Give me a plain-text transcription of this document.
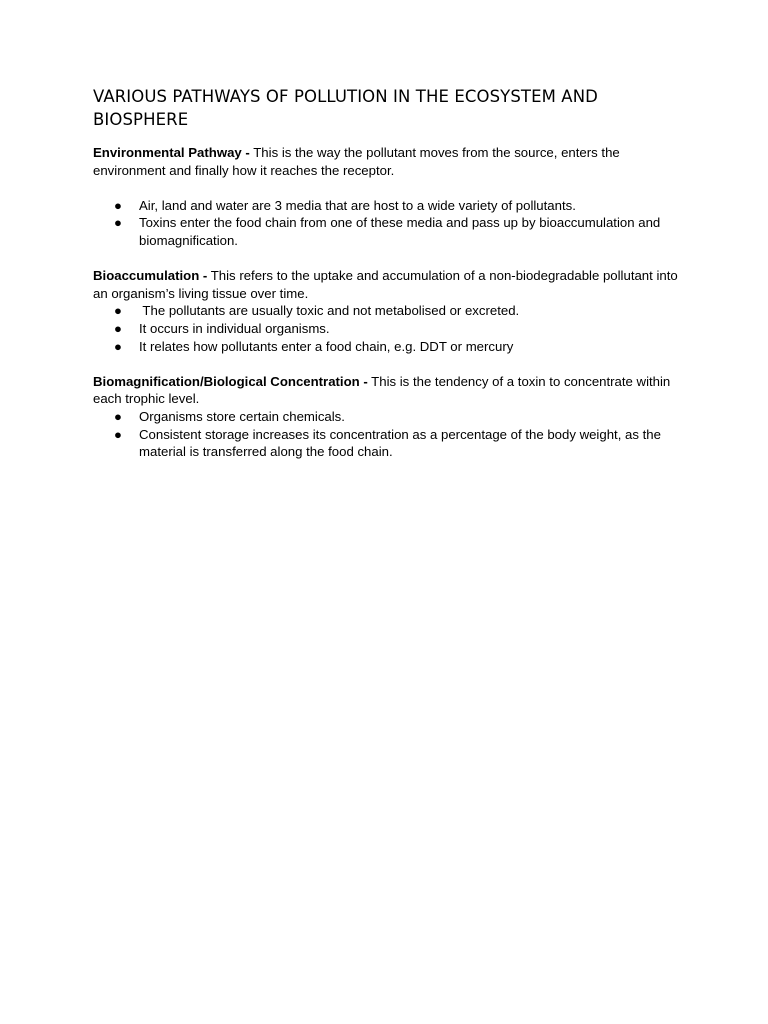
VARIOUS PATHWAYS OF POLLUTION IN THE ECOSYSTEM AND BIOSPHERE

Environmental Pathway - This is the way the pollutant moves from the source, enters the environment and finally how it reaches the receptor.

● Air, land and water are 3 media that are host to a wide variety of pollutants.
● Toxins enter the food chain from one of these media and pass up by bioaccumulation and biomagnification.

Bioaccumulation - This refers to the uptake and accumulation of a non-biodegradable pollutant into an organism’s living tissue over time.

● The pollutants are usually toxic and not metabolised or excreted.
● It occurs in individual organisms.
● It relates how pollutants enter a food chain, e.g. DDT or mercury

Biomagnification/Biological Concentration - This is the tendency of a toxin to concentrate within each trophic level.

● Organisms store certain chemicals.
● Consistent storage increases its concentration as a percentage of the body weight, as the material is transferred along the food chain.
